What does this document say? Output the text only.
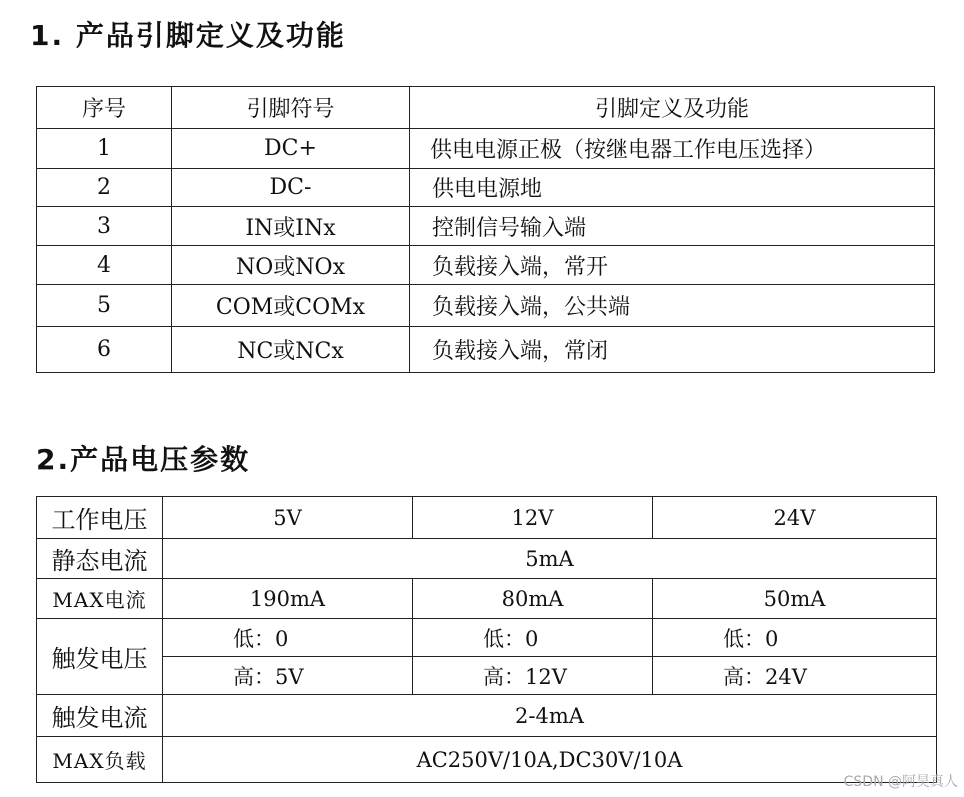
1. 产品引脚定义及功能
序号	引脚符号	引脚定义及功能
1	DC+	供电电源正极（按继电器工作电压选择）
2	DC-	供电电源地
3	IN或INx	控制信号输入端
4	NO或NOx	负载接入端，常开
5	COM或COMx	负载接入端，公共端
6	NC或NCx	负载接入端，常闭
2.产品电压参数
工作电压	5V	12V	24V
静态电流	5mA		
MAX电流	190mA	80mA	50mA
触发电压	低：0	低：0	低：0
	高：5V	高：12V	高：24V
触发电流	2-4mA		
MAX负载	AC250V/10A,DC30V/10A		
CSDN @阿昊真人
